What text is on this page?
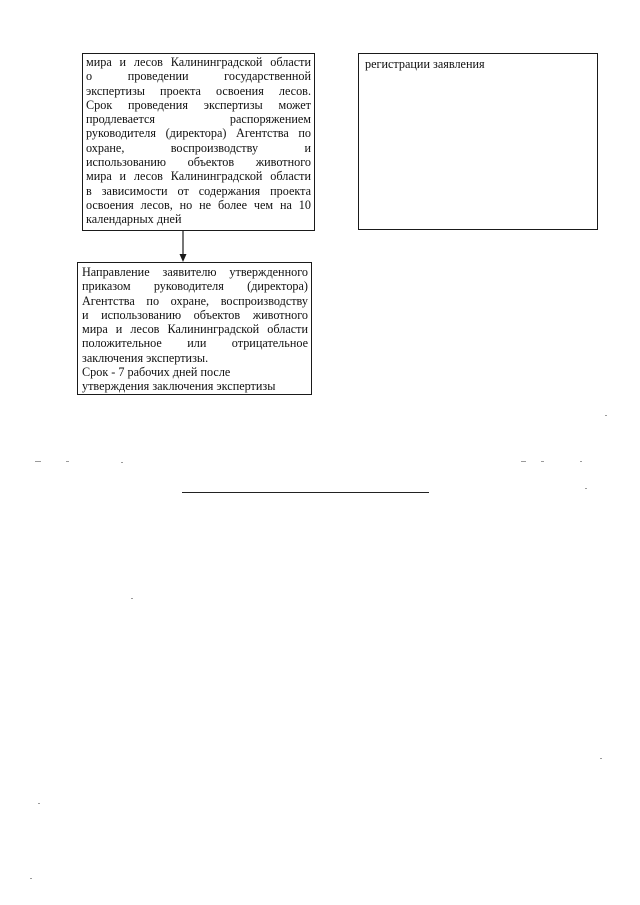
мира и лесов Калининградской области
о проведении государственной
экспертизы проекта освоения лесов.
Срок проведения экспертизы может
продлевается распоряжением
руководителя (директора) Агентства по
охране, воспроизводству и
использованию объектов животного
мира и лесов Калининградской области
в зависимости от содержания проекта
освоения лесов, но не более чем на 10
календарных дней
регистрации заявления
Направление заявителю утвержденного
приказом руководителя (директора)
Агентства по охране, воспроизводству
и использованию объектов животного
мира и лесов Калининградской области
положительное или отрицательное
заключения экспертизы.
Срок - 7 рабочих дней после
утверждения заключения экспертизы
